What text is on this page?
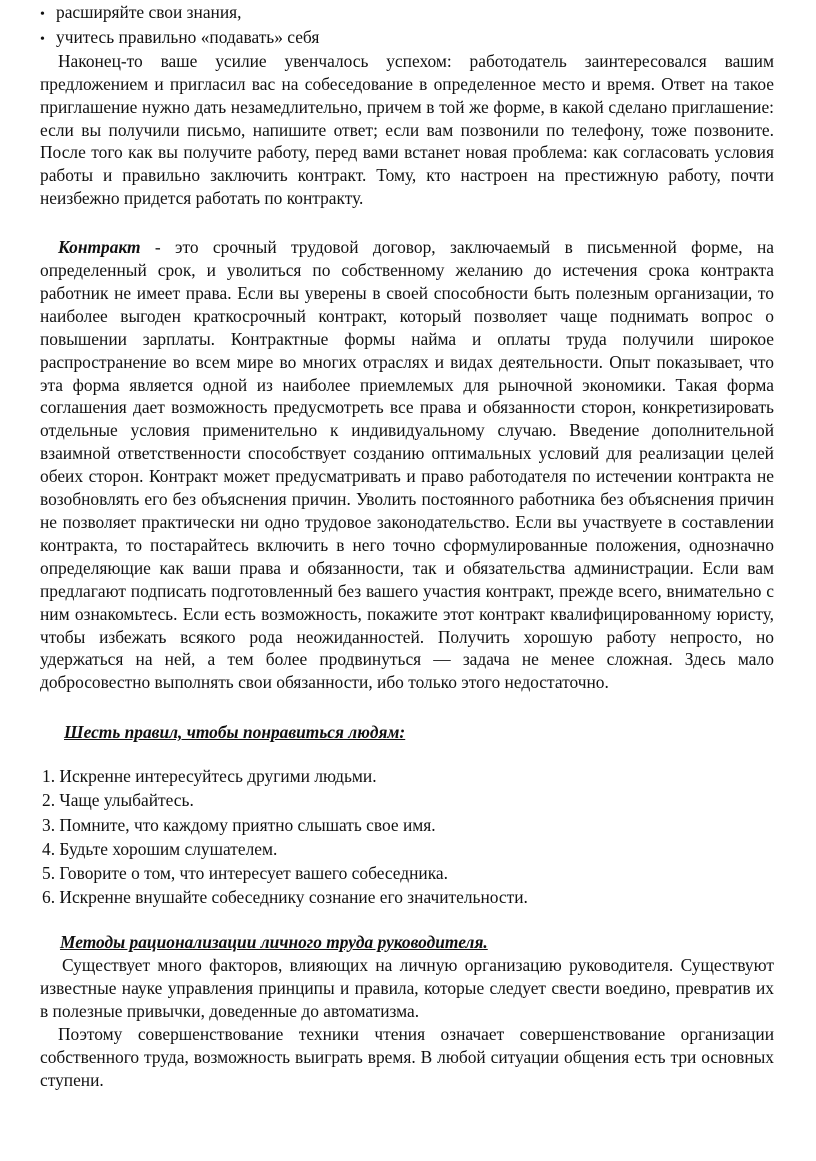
• расширяйте свои знания,
• учитесь правильно «подавать» себя

Наконец-то ваше усилие увенчалось успехом: работодатель заинтересовался вашим предложением и пригласил вас на собеседование в определенное место и время. Ответ на такое приглашение нужно дать незамедлительно, причем в той же форме, в какой сделано приглашение: если вы получили письмо, напишите ответ; если вам позвонили по телефону, тоже позвоните. После того как вы получите работу, перед вами встанет новая проблема: как согласовать условия работы и правильно заключить контракт. Тому, кто настроен на престижную работу, почти неизбежно придется работать по контракту.

Контракт - это срочный трудовой договор, заключаемый в письменной форме, на определенный срок, и уволиться по собственному желанию до истечения срока контракта работник не имеет права. Если вы уверены в своей способности быть полезным организации, то наиболее выгоден краткосрочный контракт, который позволяет чаще поднимать вопрос о повышении зарплаты. Контрактные формы найма и оплаты труда получили широкое распространение во всем мире во многих отраслях и видах деятельности. Опыт показывает, что эта форма является одной из наиболее приемлемых для рыночной экономики. Такая форма соглашения дает возможность предусмотреть все права и обязанности сторон, конкретизировать отдельные условия применительно к индивидуальному случаю. Введение дополнительной взаимной ответственности способствует созданию оптимальных условий для реализации целей обеих сторон. Контракт может предусматривать и право работодателя по истечении контракта не возобновлять его без объяснения причин. Уволить постоянного работника без объяснения причин не позволяет практически ни одно трудовое законодательство. Если вы участвуете в составлении контракта, то постарайтесь включить в него точно сформулированные положения, однозначно определяющие как ваши права и обязанности, так и обязательства администрации. Если вам предлагают подписать подготовленный без вашего участия контракт, прежде всего, внимательно с ним ознакомьтесь. Если есть возможность, покажите этот контракт квалифицированному юристу, чтобы избежать всякого рода неожиданностей. Получить хорошую работу непросто, но удержаться на ней, а тем более продвинуться — задача не менее сложная. Здесь мало добросовестно выполнять свои обязанности, ибо только этого недостаточно.

Шесть правил, чтобы понравиться людям:
1. Искренне интересуйтесь другими людьми.
2. Чаще улыбайтесь.
3. Помните, что каждому приятно слышать свое имя.
4. Будьте хорошим слушателем.
5. Говорите о том, что интересует вашего собеседника.
6. Искренне внушайте собеседнику сознание его значительности.
Методы рационализации личного труда руководителя.

Существует много факторов, влияющих на личную организацию руководителя. Существуют известные науке управления принципы и правила, которые следует свести воедино, превратив их в полезные привычки, доведенные до автоматизма.

Поэтому совершенствование техники чтения означает совершенствование организации собственного труда, возможность выиграть время. В любой ситуации общения есть три основных ступени.
